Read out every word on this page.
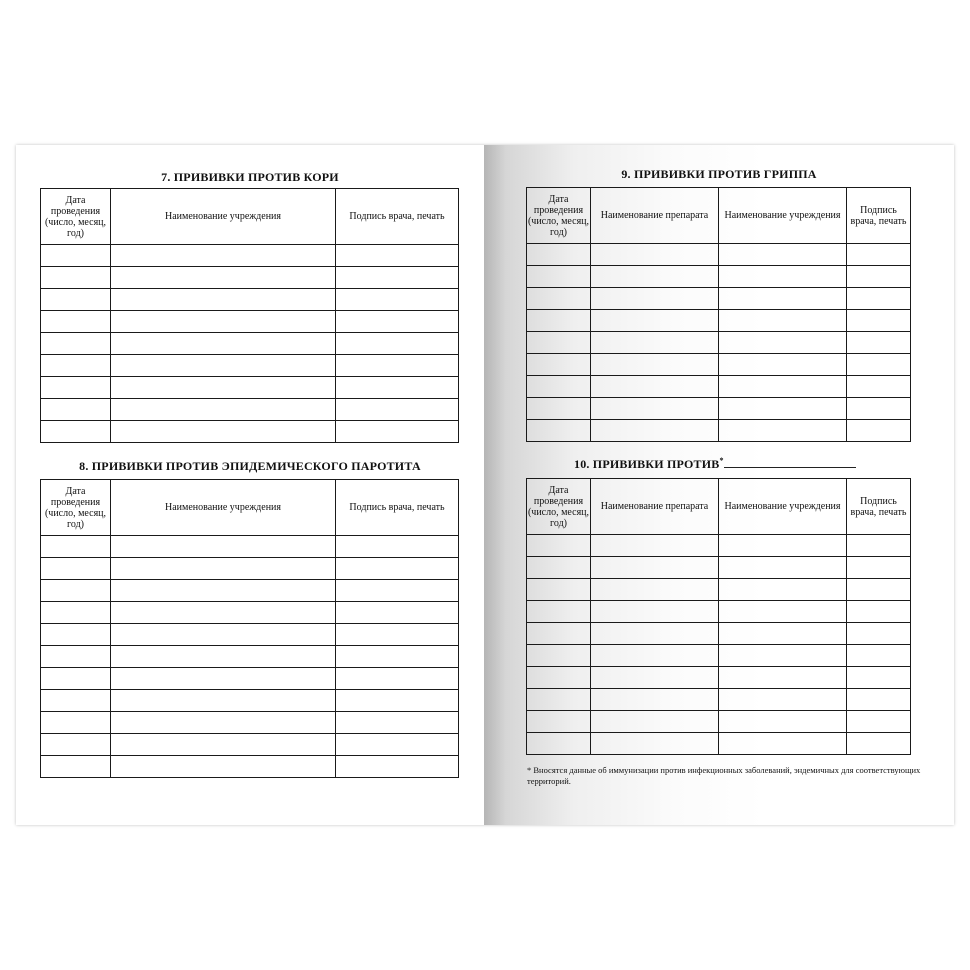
7. ПРИВИВКИ ПРОТИВ КОРИ
Дата проведения (число, месяц, год)	Наименование учреждения	Подпись врача, печать

8. ПРИВИВКИ ПРОТИВ ЭПИДЕМИЧЕСКОГО ПАРОТИТА
Дата проведения (число, месяц, год)	Наименование учреждения	Подпись врача, печать

9. ПРИВИВКИ ПРОТИВ ГРИППА
Дата проведения (число, месяц, год)	Наименование препарата	Наименование учреждения	Подпись врача, печать

10. ПРИВИВКИ ПРОТИВ*
Дата проведения (число, месяц, год)	Наименование препарата	Наименование учреждения	Подпись врача, печать

* Вносятся данные об иммунизации против инфекционных заболеваний, эндемичных для соответствующих территорий.
